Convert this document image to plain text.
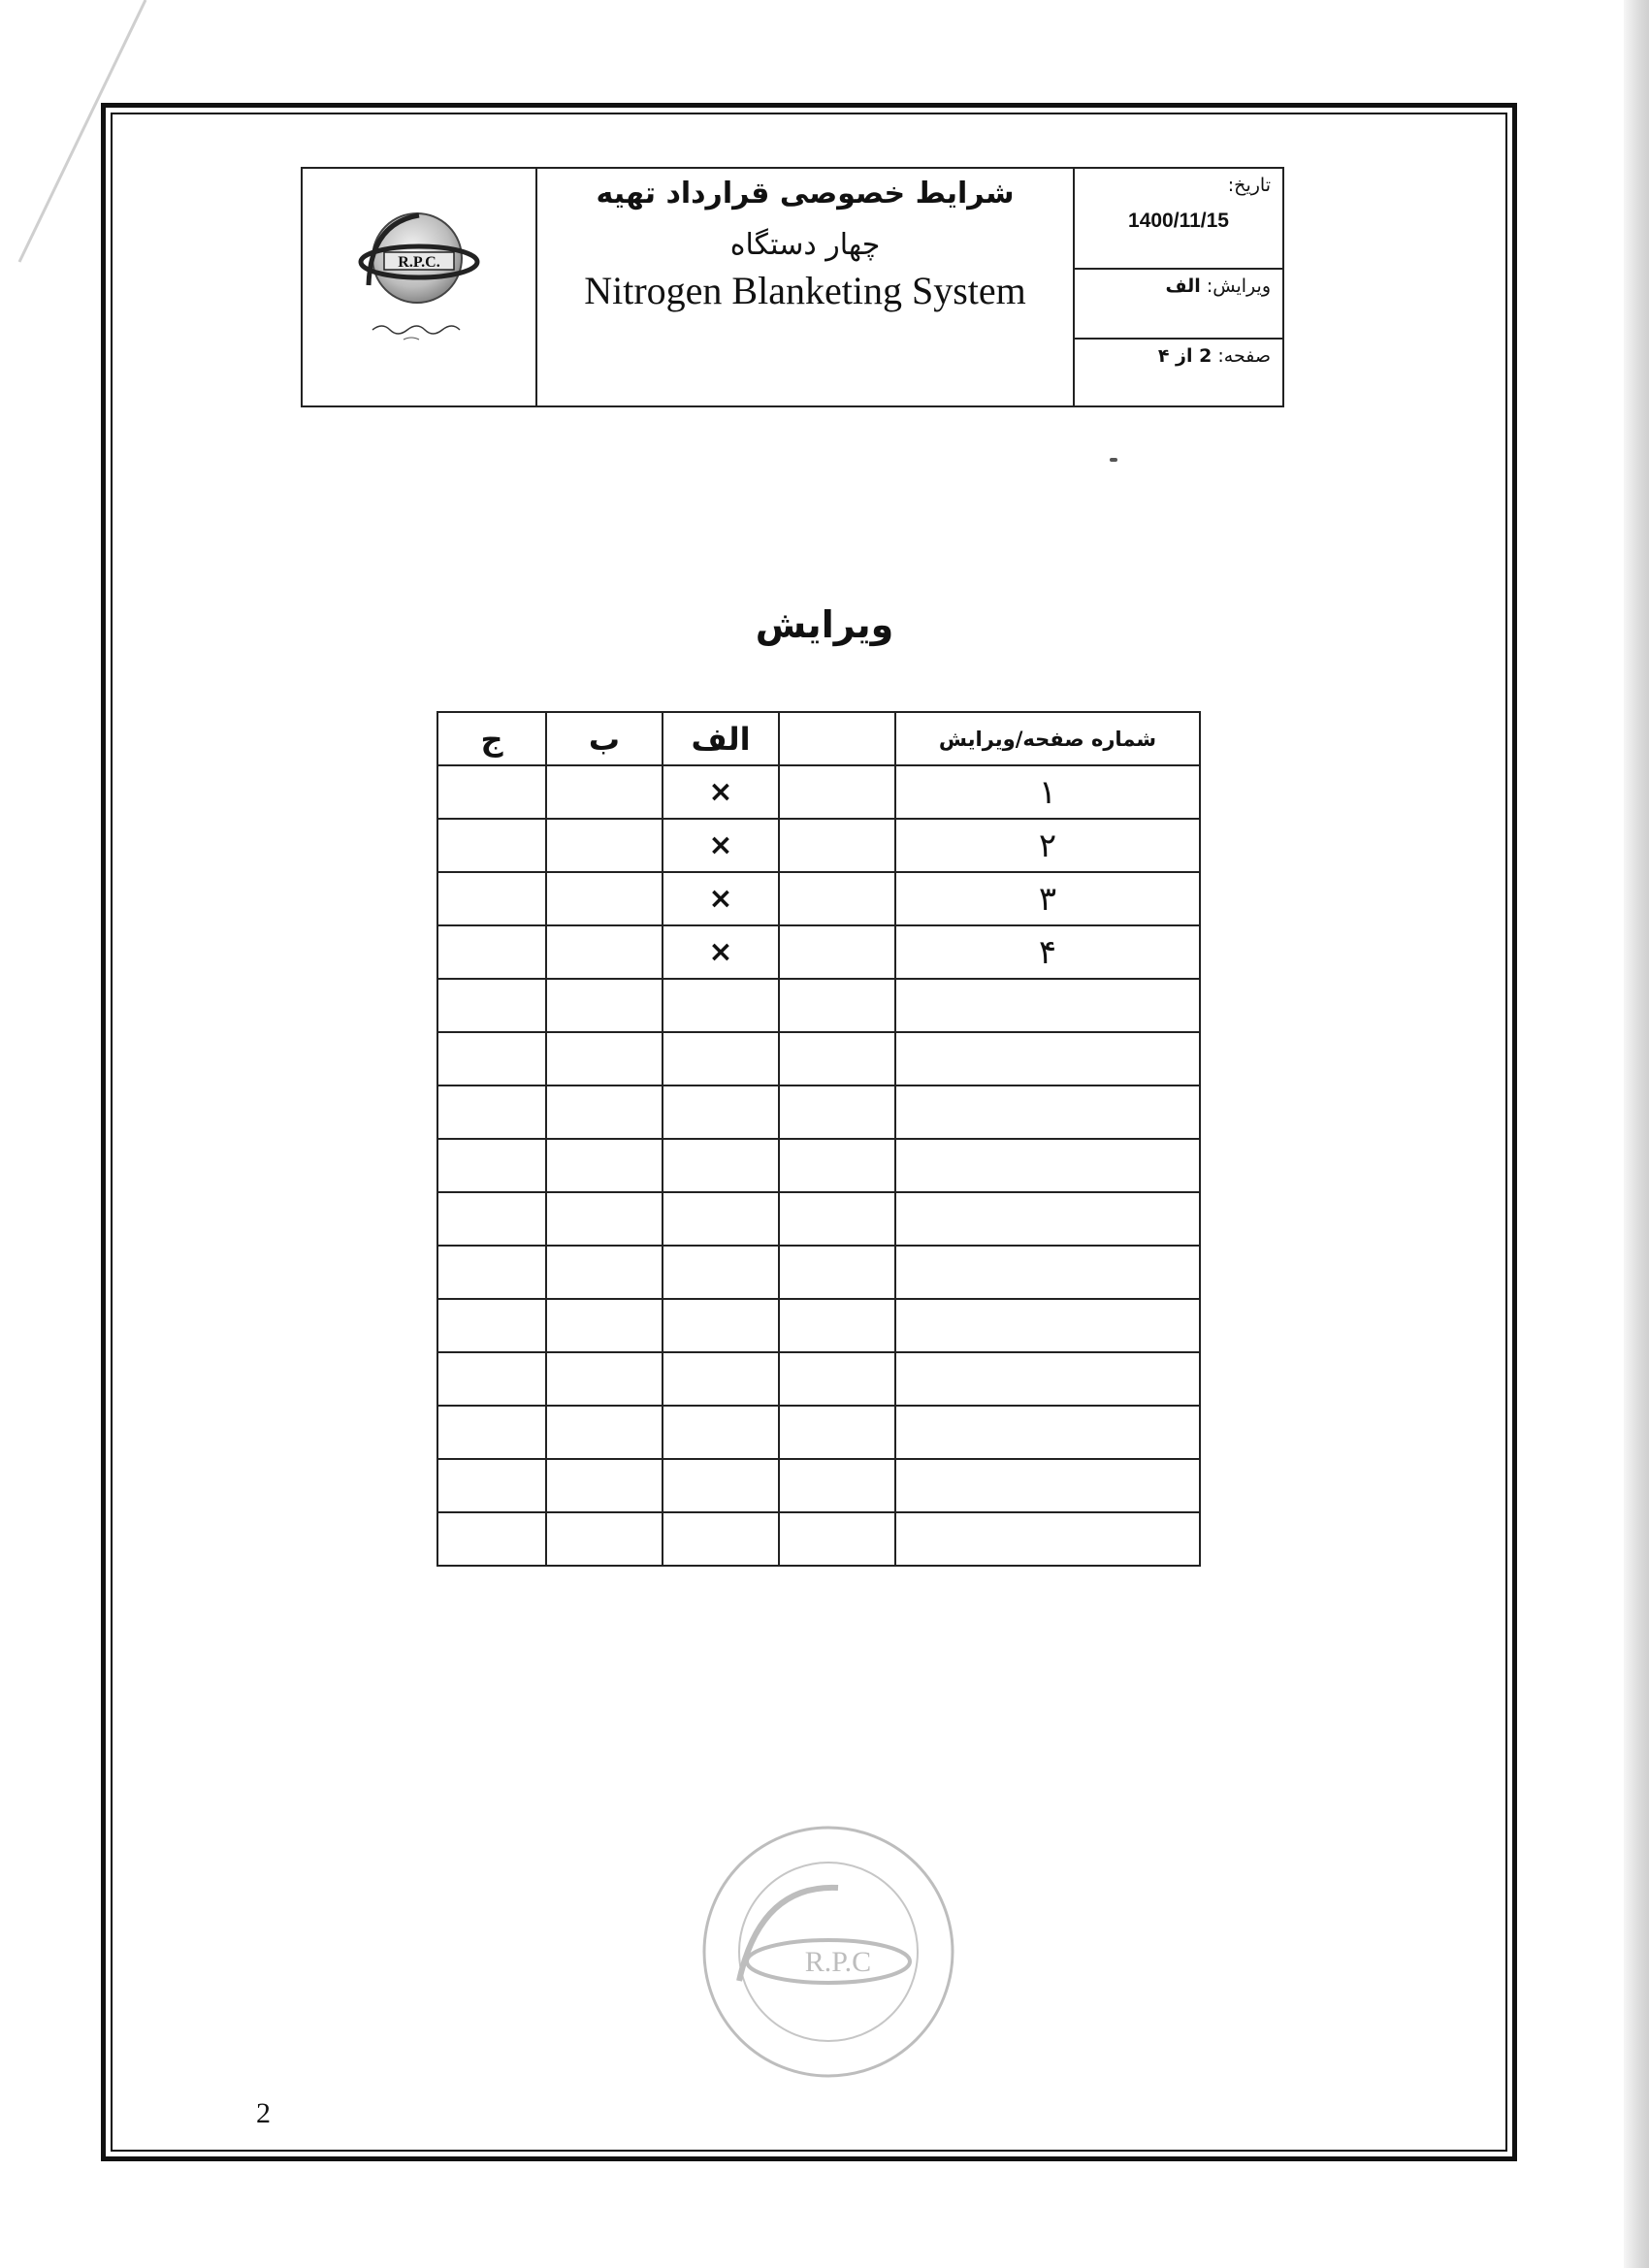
R.P.C.
شرایط خصوصی قرارداد تهیه
چهار دستگاه
Nitrogen Blanketing System
تاریخ:
1400/11/15
ویرایش: الف
صفحه: 2 از ۴
ویرایش
ج	ب	الف		شماره صفحه/ویرایش
		×		۱
		×		۲
		×		۳
		×		۴

R.P.C
2
